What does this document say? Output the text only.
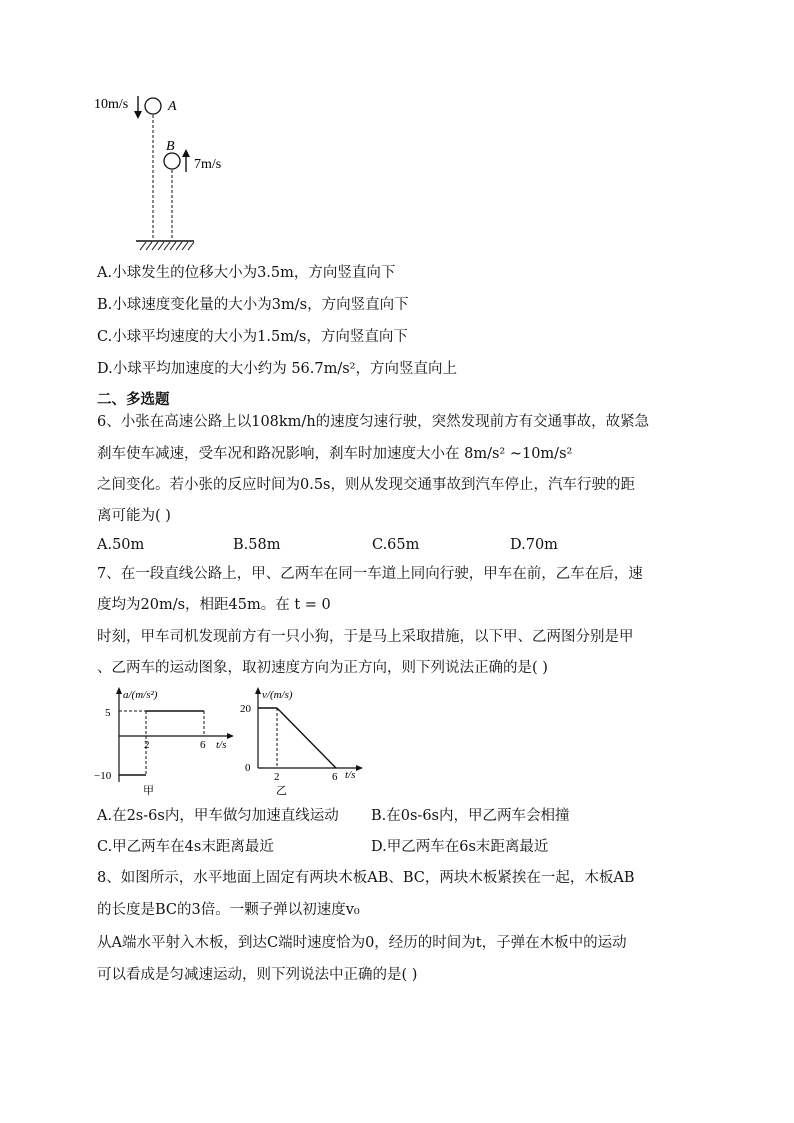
10m/s	A
B
7m/s
A.小球发生的位移大小为3.5m，方向竖直向下
B.小球速度变化量的大小为3m/s，方向竖直向下
C.小球平均速度的大小为1.5m/s，方向竖直向下
D.小球平均加速度的大小约为 56.7m/s²，方向竖直向上
二、多选题
6、小张在高速公路上以108km/h的速度匀速行驶，突然发现前方有交通事故，故紧急
刹车使车减速，受车况和路况影响，刹车时加速度大小在 8m/s² ~10m/s²
之间变化。若小张的反应时间为0.5s，则从发现交通事故到汽车停止，汽车行驶的距
离可能为( )
A.50m	B.58m	C.65m	D.70m
7、在一段直线公路上，甲、乙两车在同一车道上同向行驶，甲车在前，乙车在后，速
度均为20m/s，相距45m。在 t = 0
时刻，甲车司机发现前方有一只小狗，于是马上采取措施，以下甲、乙两图分别是甲
、乙两车的运动图象，取初速度方向为正方向，则下列说法正确的是( )
a/(m/s²)
t/s
5
−10
2	6
甲
v/(m/s)
t/s
20
0
2	6
乙
A.在2s-6s内，甲车做匀加速直线运动 B.在0s-6s内，甲乙两车会相撞
C.甲乙两车在4s末距离最近	D.甲乙两车在6s末距离最近
8、如图所示，水平地面上固定有两块木板AB、BC，两块木板紧挨在一起，木板AB
的长度是BC的3倍。一颗子弹以初速度v₀
从A端水平射入木板，到达C端时速度恰为0，经历的时间为t，子弹在木板中的运动
可以看成是匀减速运动，则下列说法中正确的是( )
